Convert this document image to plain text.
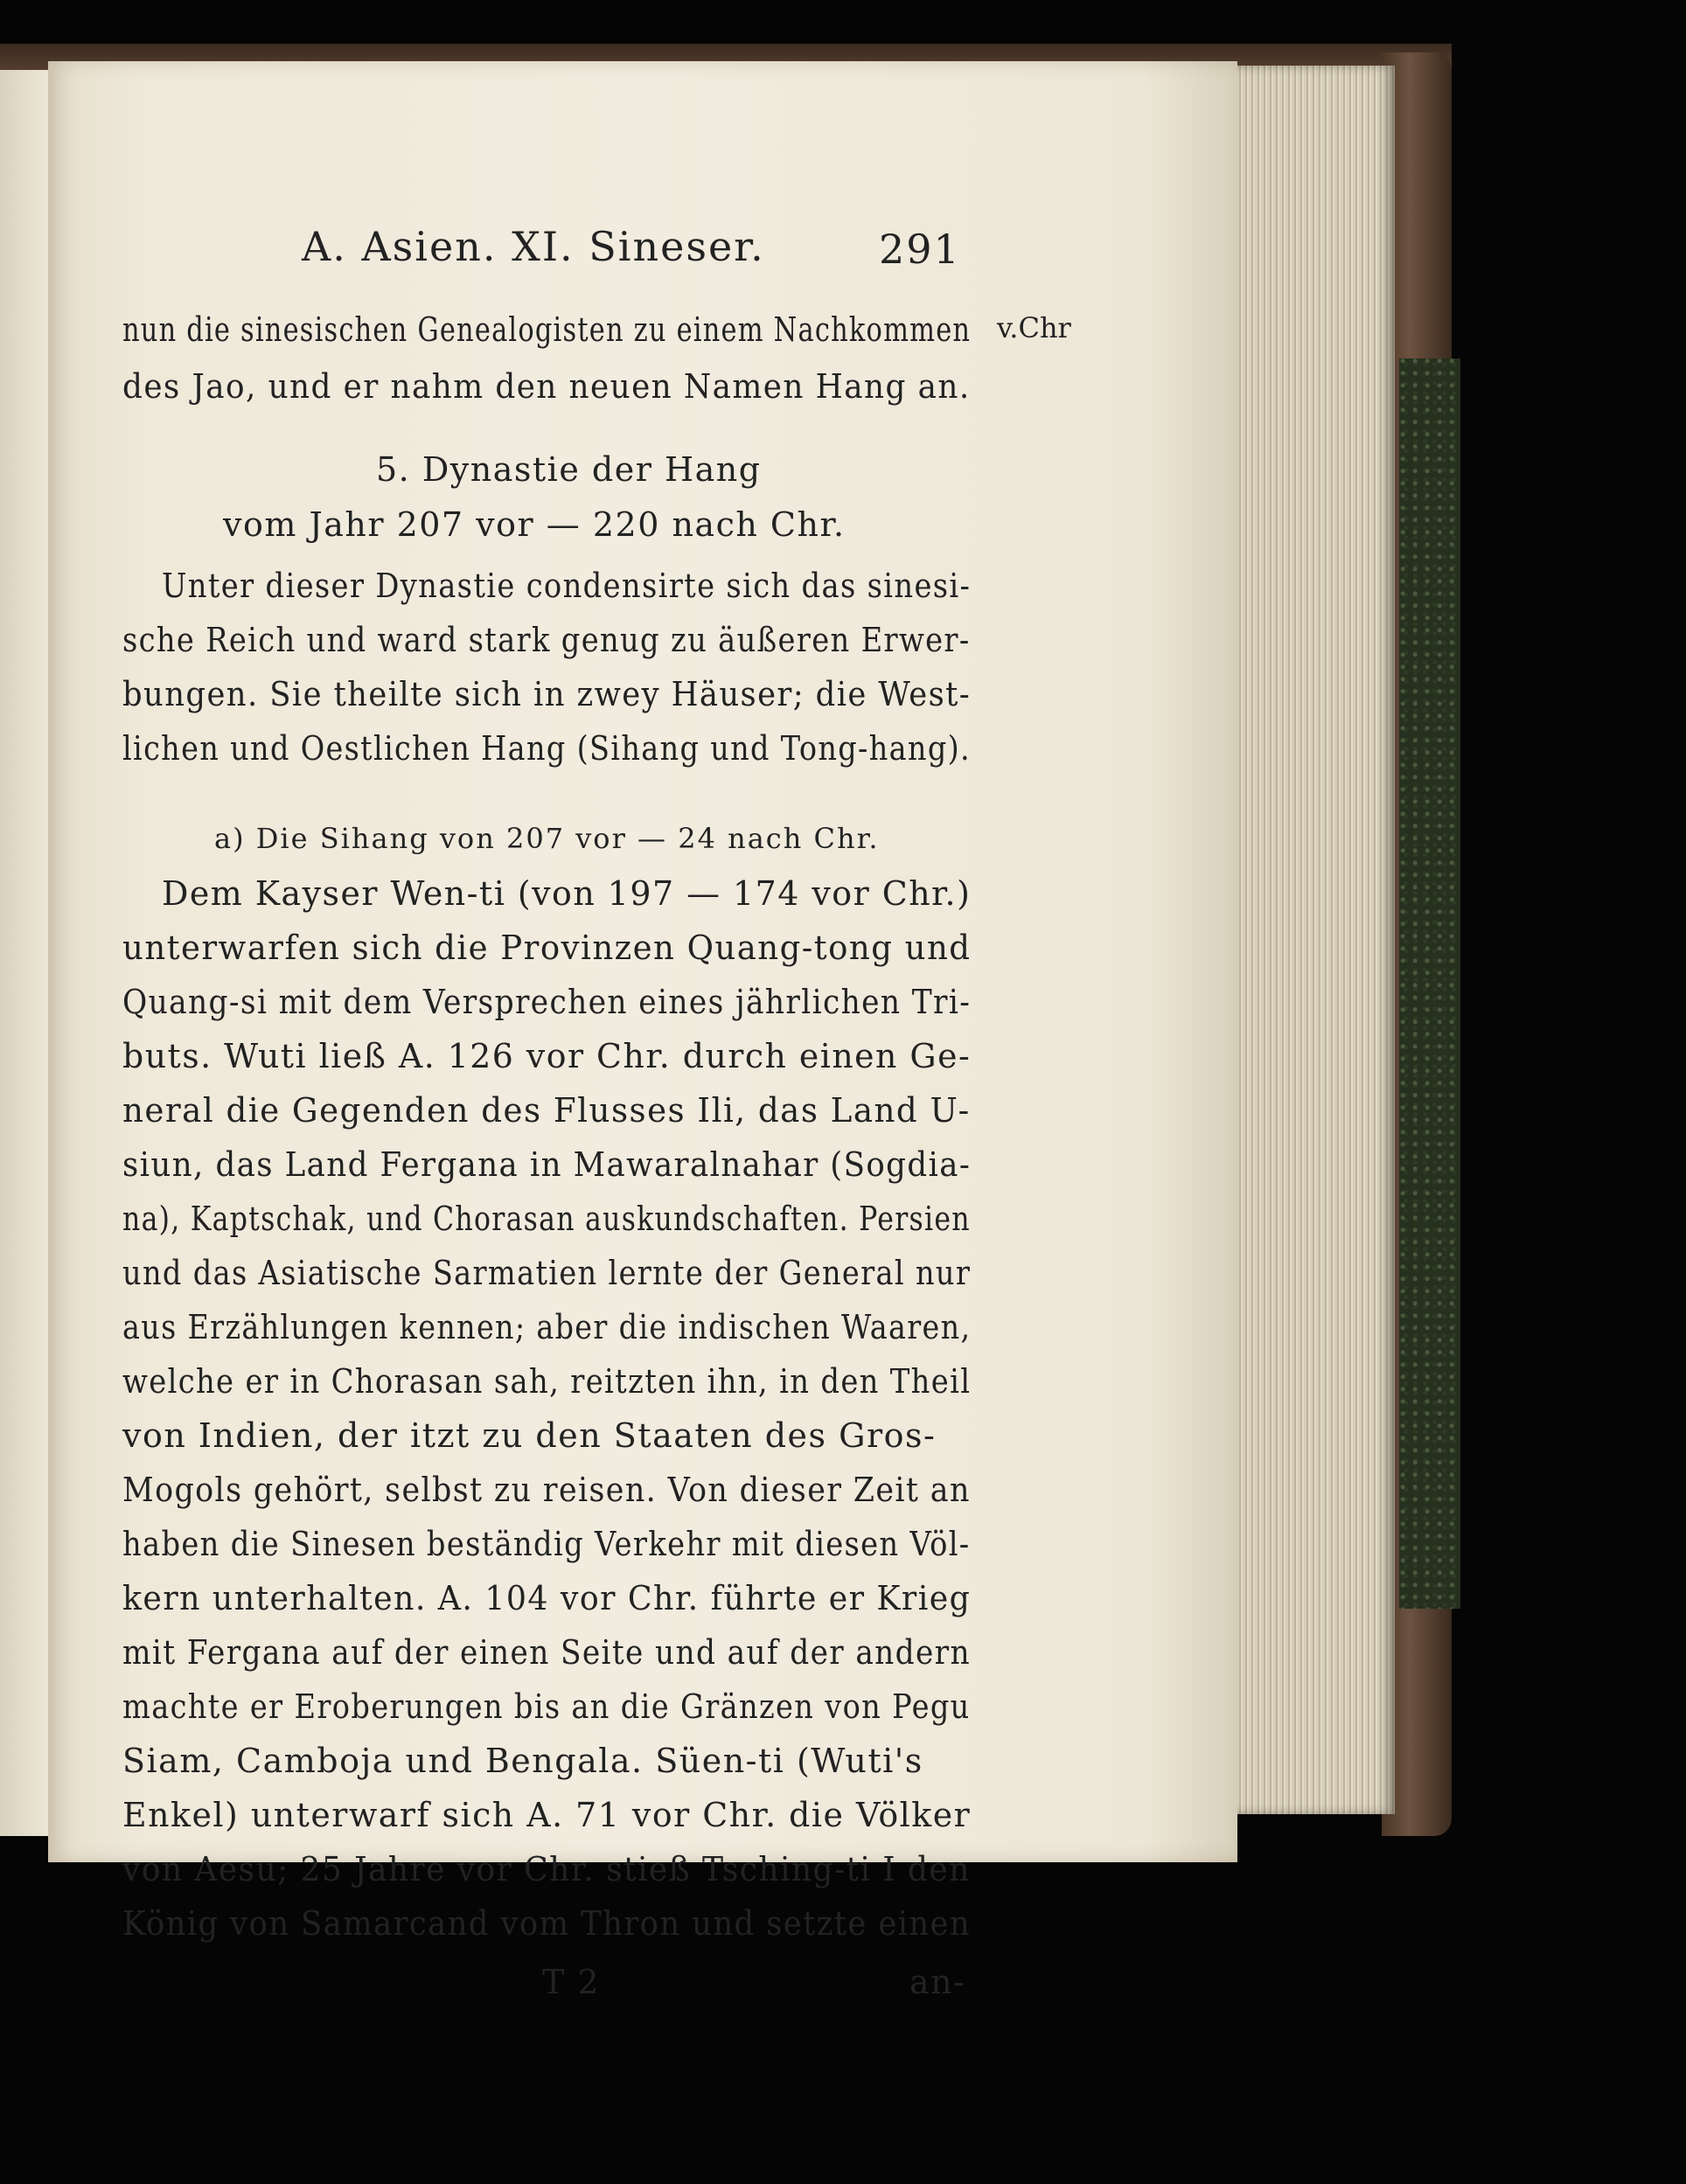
A. Asien. XI. Sineser.	291
v.Chr
nun die sinesischen Genealogisten zu einem Nachkommen
des Jao, und er nahm den neuen Namen Hang an.
5. Dynastie der Hang
vom Jahr 207 vor — 220 nach Chr.
Unter dieser Dynastie condensirte sich das sinesi-
sche Reich und ward stark genug zu äußeren Erwer-
bungen. Sie theilte sich in zwey Häuser; die West-
lichen und Oestlichen Hang (Sihang und Tong-hang).
a) Die Sihang von 207 vor — 24 nach Chr.
Dem Kayser Wen-ti (von 197 — 174 vor Chr.)
unterwarfen sich die Provinzen Quang-tong und
Quang-si mit dem Versprechen eines jährlichen Tri-
buts. Wuti ließ A. 126 vor Chr. durch einen Ge-
neral die Gegenden des Flusses Ili, das Land U-
siun, das Land Fergana in Mawaralnahar (Sogdia-
na), Kaptschak, und Chorasan auskundschaften. Persien
und das Asiatische Sarmatien lernte der General nur
aus Erzählungen kennen; aber die indischen Waaren,
welche er in Chorasan sah, reitzten ihn, in den Theil
von Indien, der itzt zu den Staaten des Gros-
Mogols gehört, selbst zu reisen. Von dieser Zeit an
haben die Sinesen beständig Verkehr mit diesen Völ-
kern unterhalten. A. 104 vor Chr. führte er Krieg
mit Fergana auf der einen Seite und auf der andern
machte er Eroberungen bis an die Gränzen von Pegu
Siam, Camboja und Bengala. Süen-ti (Wuti's
Enkel) unterwarf sich A. 71 vor Chr. die Völker
von Aesu; 25 Jahre vor Chr. stieß Tsching-ti I den
König von Samarcand vom Thron und setzte einen
T 2	an-
